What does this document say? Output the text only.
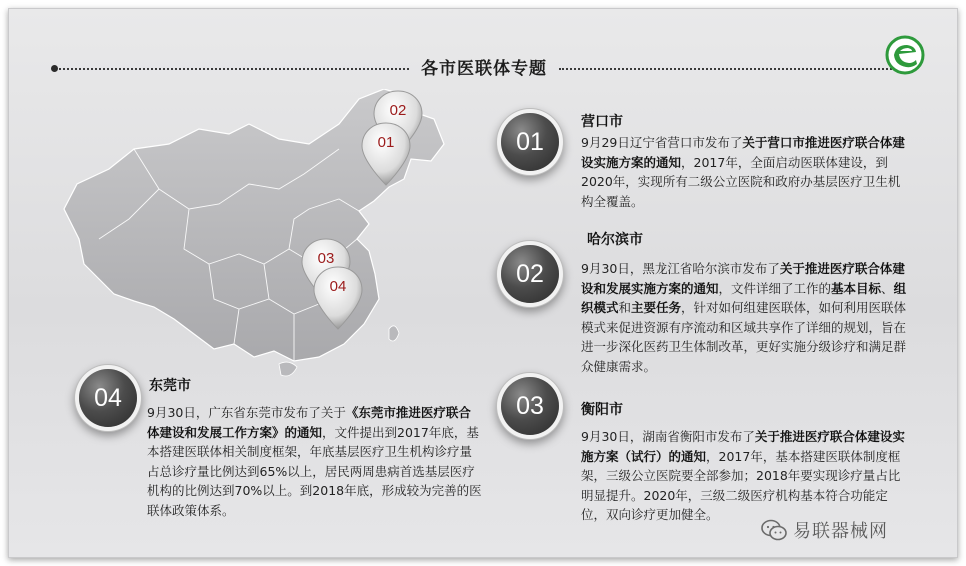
各市医联体专题
02
01
03
04
01
营口市
9月29日辽宁省营口市发布了关于营口市推进医疗联合体建设实施方案的通知，2017年，全面启动医联体建设，到2020年，实现所有二级公立医院和政府办基层医疗卫生机构全覆盖。
02
哈尔滨市
9月30日，黑龙江省哈尔滨市发布了关于推进医疗联合体建设和发展实施方案的通知，文件详细了工作的基本目标、组织模式和主要任务，针对如何组建医联体，如何利用医联体模式来促进资源有序流动和区域共享作了详细的规划，旨在进一步深化医药卫生体制改革，更好实施分级诊疗和满足群众健康需求。
03	衡阳市
9月30日，湖南省衡阳市发布了关于推进医疗联合体建设实施方案（试行）的通知，2017年，基本搭建医联体制度框架，三级公立医院要全部参加；2018年要实现诊疗量占比明显提升。2020年，三级二级医疗机构基本符合功能定位，双向诊疗更加健全。
04	东莞市
9月30日，广东省东莞市发布了关于《东莞市推进医疗联合体建设和发展工作方案》的通知，文件提出到2017年底，基本搭建医联体相关制度框架，年底基层医疗卫生机构诊疗量占总诊疗量比例达到65%以上，居民两周患病首选基层医疗机构的比例达到70%以上。到2018年底，形成较为完善的医联体政策体系。
易联器械网
